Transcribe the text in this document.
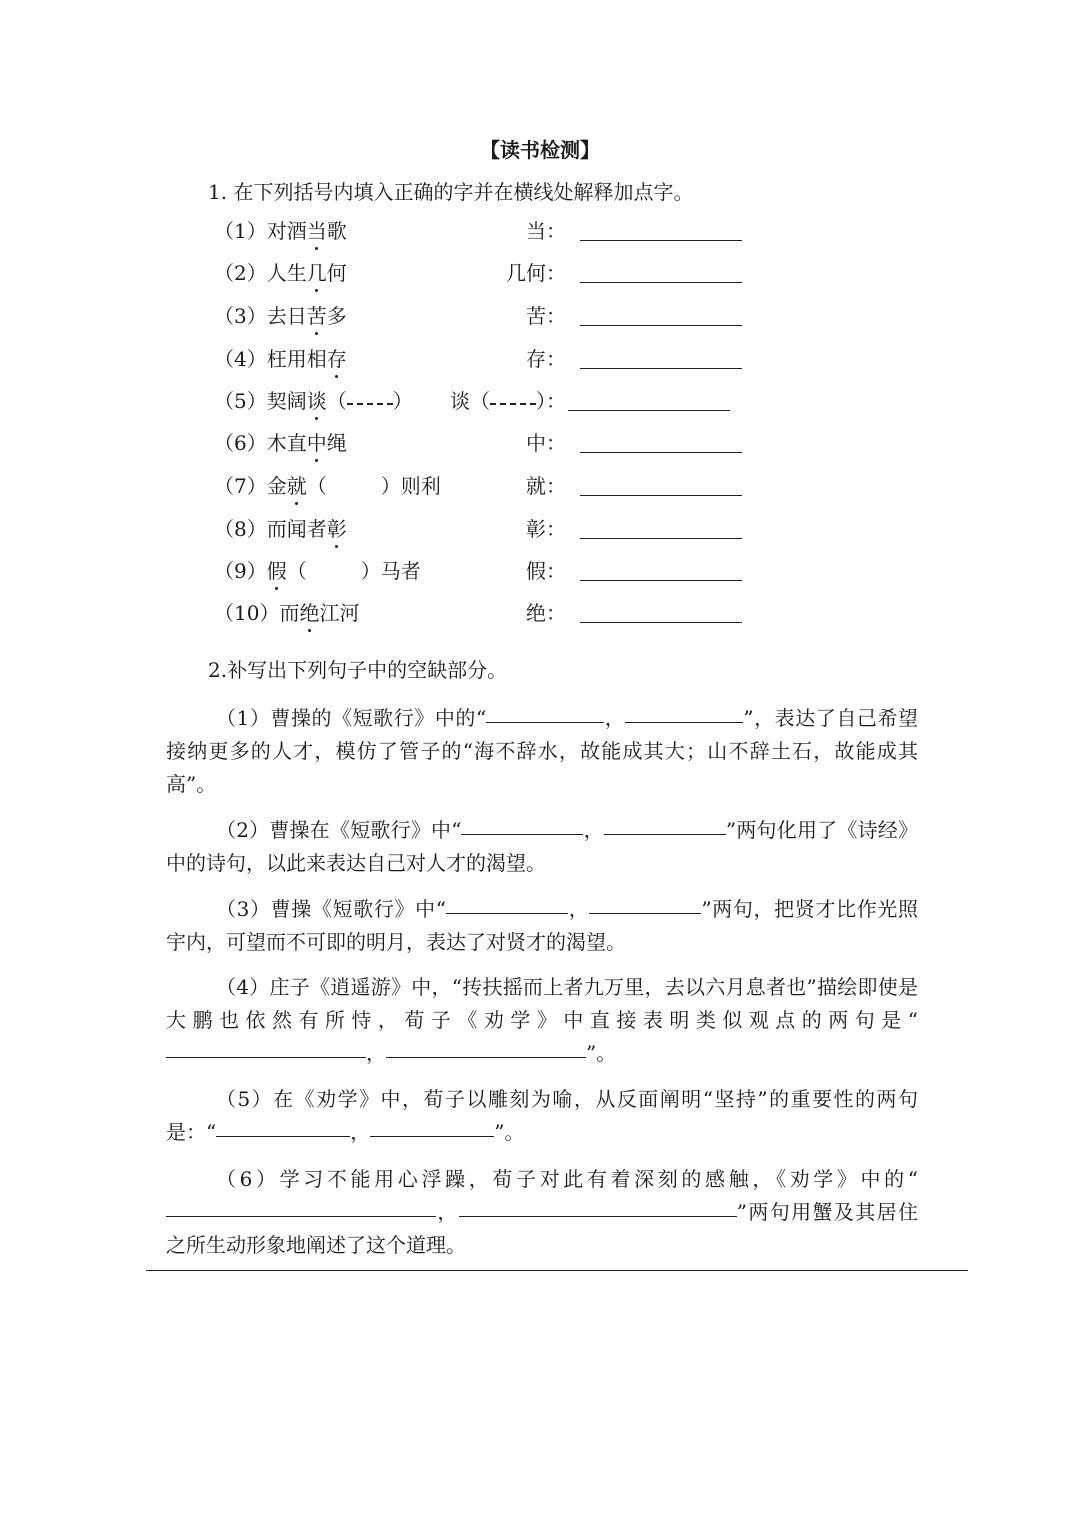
【读书检测】
1. 在下列括号内填入正确的字并在横线处解释加点字。
（1）对酒当歌	当：
（2）人生几何	几何：
（3）去日苦多	苦：
（4）枉用相存	存：
（5）契阔谈（ ） 谈（ ）：
（6）木直中绳	中：
（7）金就（	）则利	就：
（8）而闻者彰	彰：
（9）假（	）马者	假：
（10）而绝江河	绝：
2.补写出下列句子中的空缺部分。

（1）曹操的《短歌行》中的“	，	”，表达了自己希望接纳更多的人才，模仿了管子的“海不辞水，故能成其大；山不辞土石，故能成其高”。

（2）曹操在《短歌行》中“	，	”两句化用了《诗经》中的诗句，以此来表达自己对人才的渴望。

（3）曹操《短歌行》中“	，	”两句，把贤才比作光照宇内，可望而不可即的明月，表达了对贤才的渴望。

（4）庄子《逍遥游》中，“抟扶摇而上者九万里，去以六月息者也”描绘即使是大鹏也依然有所恃，荀子《劝学》中直接表明类似观点的两句是“，	”。

（5）在《劝学》中，荀子以雕刻为喻，从反面阐明“坚持”的重要性的两句是：“	，	”。

（6）学习不能用心浮躁，荀子对此有着深刻的感触，《劝学》中的“，	”两句用蟹及其居住之所生动形象地阐述了这个道理。
